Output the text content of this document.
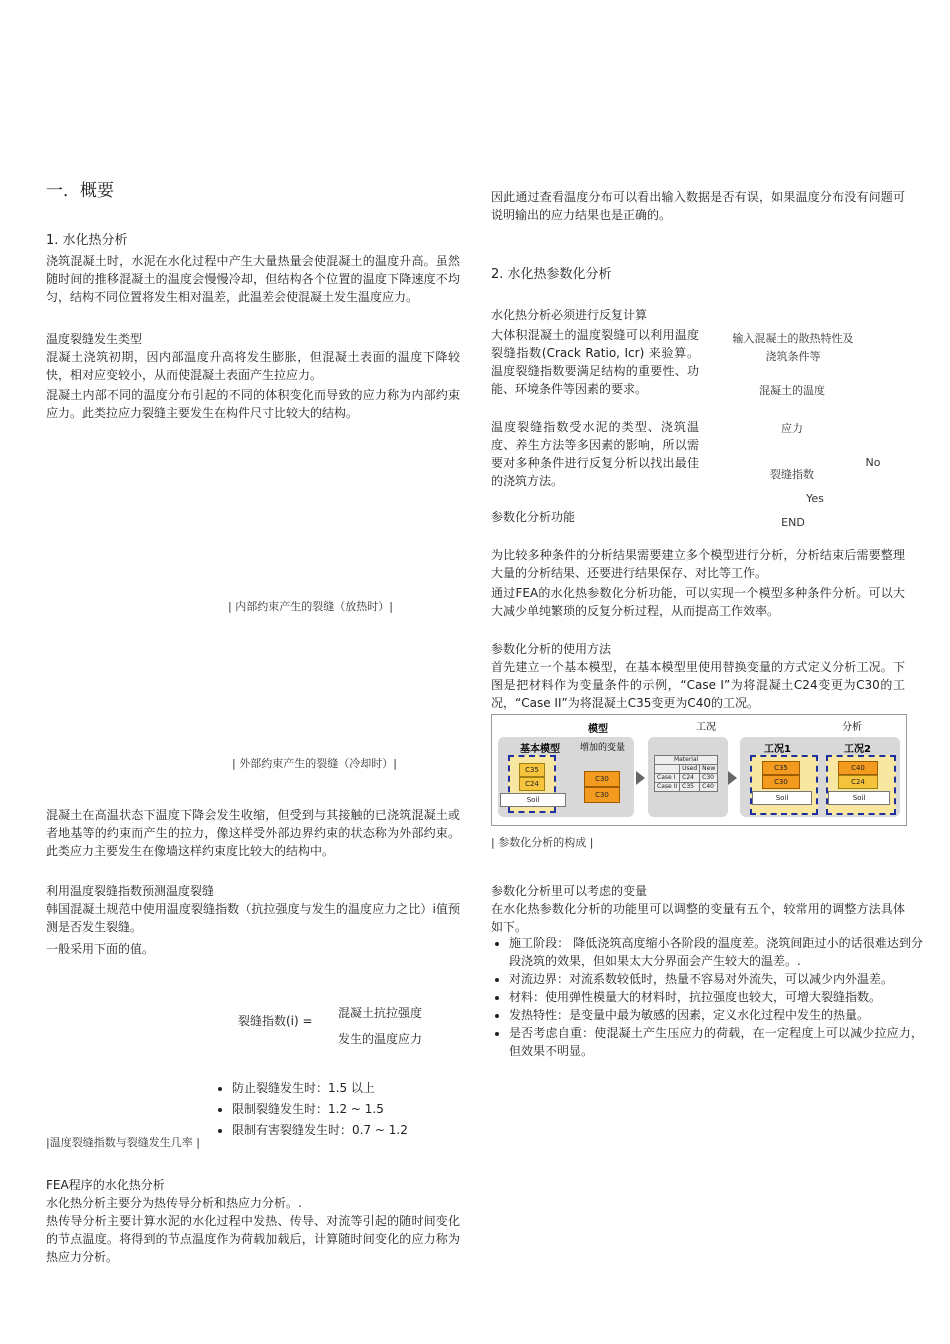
一．概要
1. 水化热分析

浇筑混凝土时，水泥在水化过程中产生大量热量会使混凝土的温度升高。虽然随时间的推移混凝土的温度会慢慢冷却，但结构各个位置的温度下降速度不均匀，结构不同位置将发生相对温差，此温差会使混凝土发生温度应力。

温度裂缝发生类型

混凝土浇筑初期，因内部温度升高将发生膨胀，但混凝土表面的温度下降较快，相对应变较小，从而使混凝土表面产生拉应力。

混凝土内部不同的温度分布引起的不同的体积变化而导致的应力称为内部约束应力。此类拉应力裂缝主要发生在构件尺寸比较大的结构。

| 内部约束产生的裂缝（放热时）|
| 外部约束产生的裂缝（冷却时）|

混凝土在高温状态下温度下降会发生收缩，但受到与其接触的已浇筑混凝土或者地基等的约束而产生的拉力，像这样受外部边界约束的状态称为外部约束。此类应力主要发生在像墙这样约束度比较大的结构中。

利用温度裂缝指数预测温度裂缝

韩国混凝土规范中使用温度裂缝指数（抗拉强度与发生的温度应力之比）i值预测是否发生裂缝。

一般采用下面的值。

裂缝指数(i) =
混凝土抗拉强度
发生的温度应力
• 防止裂缝发生时：1.5 以上
• 限制裂缝发生时：1.2 ~ 1.5
• 限制有害裂缝发生时：0.7 ~ 1.2
|温度裂缝指数与裂缝发生几率 |
FEA程序的水化热分析

水化热分析主要分为热传导分析和热应力分析。.

热传导分析主要计算水泥的水化过程中发热、传导、对流等引起的随时间变化的节点温度。将得到的节点温度作为荷载加载后，计算随时间变化的应力称为热应力分析。

因此通过查看温度分布可以看出输入数据是否有误，如果温度分布没有问题可说明输出的应力结果也是正确的。

2. 水化热参数化分析
水化热分析必须进行反复计算

大体积混凝土的温度裂缝可以利用温度裂缝指数(Crack Ratio, Icr) 来验算。温度裂缝指数要满足结构的重要性、功能、环境条件等因素的要求。

温度裂缝指数受水泥的类型、浇筑温度、养生方法等多因素的影响，所以需要对多种条件进行反复分析以找出最佳的浇筑方法。

参数化分析功能
输入混凝土的散热特性及浇筑条件等
混凝土的温度
应力
裂缝指数
No
Yes
END

为比较多种条件的分析结果需要建立多个模型进行分析，分析结束后需要整理大量的分析结果、还要进行结果保存、对比等工作。

通过FEA的水化热参数化分析功能，可以实现一个模型多种条件分析。可以大大减少单纯繁琐的反复分析过程，从而提高工作效率。

参数化分析的使用方法

首先建立一个基本模型，在基本模型里使用替换变量的方式定义分析工况。下图是把材料作为变量条件的示例，“Case I”为将混凝土C24变更为C30的工况，“Case II”为将混凝土C35变更为C40的工况。

模型	工况	分析
基本模型
C35
C24
Soil
增加的变量
C30
C30
Material		
	Used	New
Case I	C24	C30
Case II	C35	C40
工况1
C35
C30
Soil
工况2
C40
C24
Soil
| 参数化分析的构成 |
参数化分析里可以考虑的变量

在水化热参数化分析的功能里可以调整的变量有五个，较常用的调整方法具体如下。

• 施工阶段： 降低浇筑高度缩小各阶段的温度差。浇筑间距过小的话很难达到分段浇筑的效果，但如果太大分界面会产生较大的温差。.
• 对流边界：对流系数较低时，热量不容易对外流失，可以减少内外温差。
• 材料：使用弹性模量大的材料时，抗拉强度也较大，可增大裂缝指数。
• 发热特性：是变量中最为敏感的因素，定义水化过程中发生的热量。
• 是否考虑自重：使混凝土产生压应力的荷载，在一定程度上可以减少拉应力，但效果不明显。
